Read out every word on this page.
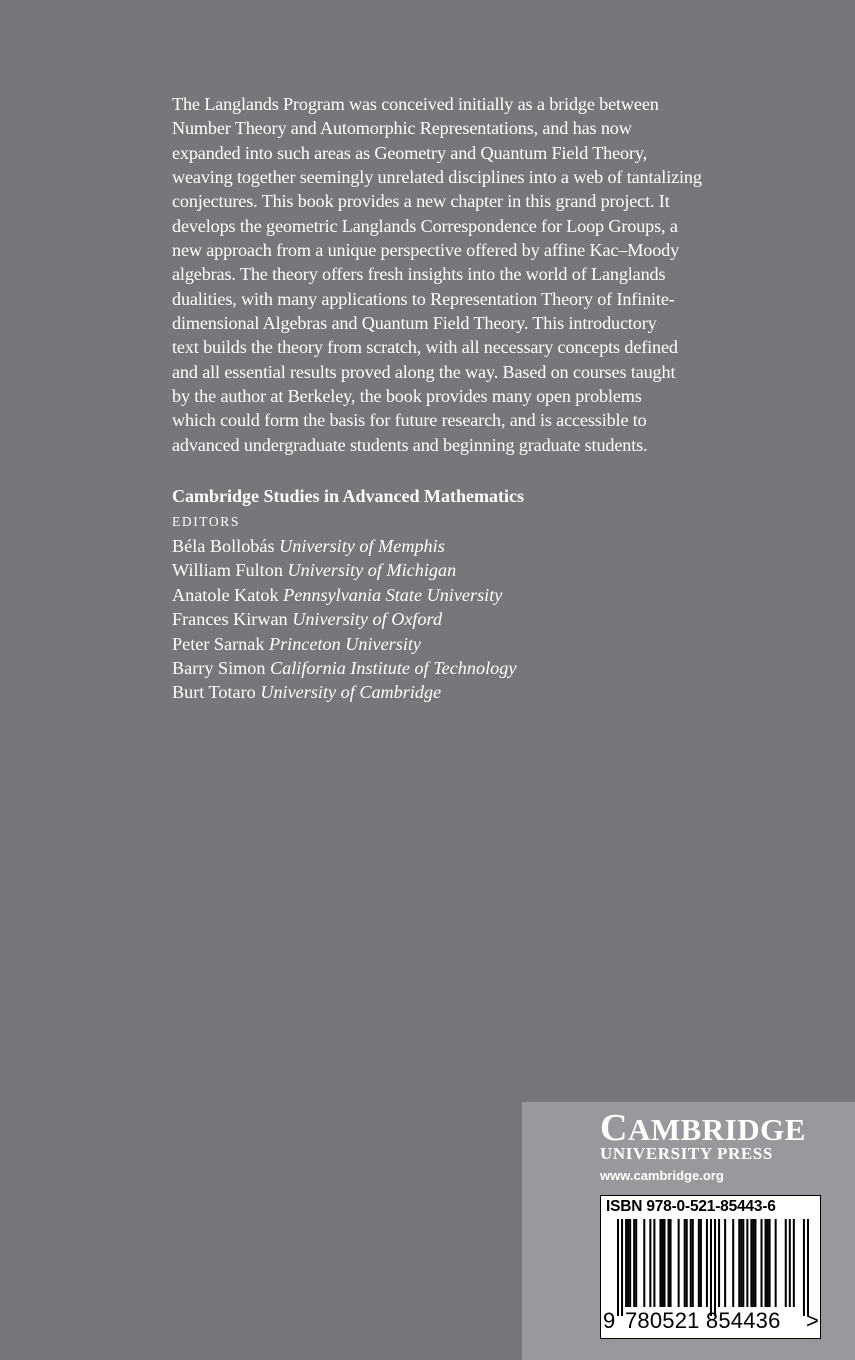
The Langlands Program was conceived initially as a bridge between
Number Theory and Automorphic Representations, and has now
expanded into such areas as Geometry and Quantum Field Theory,
weaving together seemingly unrelated disciplines into a web of tantalizing
conjectures. This book provides a new chapter in this grand project. It
develops the geometric Langlands Correspondence for Loop Groups, a
new approach from a unique perspective offered by affine Kac–Moody
algebras. The theory offers fresh insights into the world of Langlands
dualities, with many applications to Representation Theory of Infinite-
dimensional Algebras and Quantum Field Theory. This introductory
text builds the theory from scratch, with all necessary concepts defined
and all essential results proved along the way. Based on courses taught
by the author at Berkeley, the book provides many open problems
which could form the basis for future research, and is accessible to
advanced undergraduate students and beginning graduate students.

Cambridge Studies in Advanced Mathematics
EDITORS
Béla Bollobás University of Memphis
William Fulton University of Michigan
Anatole Katok Pennsylvania State University
Frances Kirwan University of Oxford
Peter Sarnak Princeton University
Barry Simon California Institute of Technology
Burt Totaro University of Cambridge
CAMBRIDGE
UNIVERSITY PRESS
www.cambridge.org
ISBN 978-0-521-85443-6
9 780521 854436	>
